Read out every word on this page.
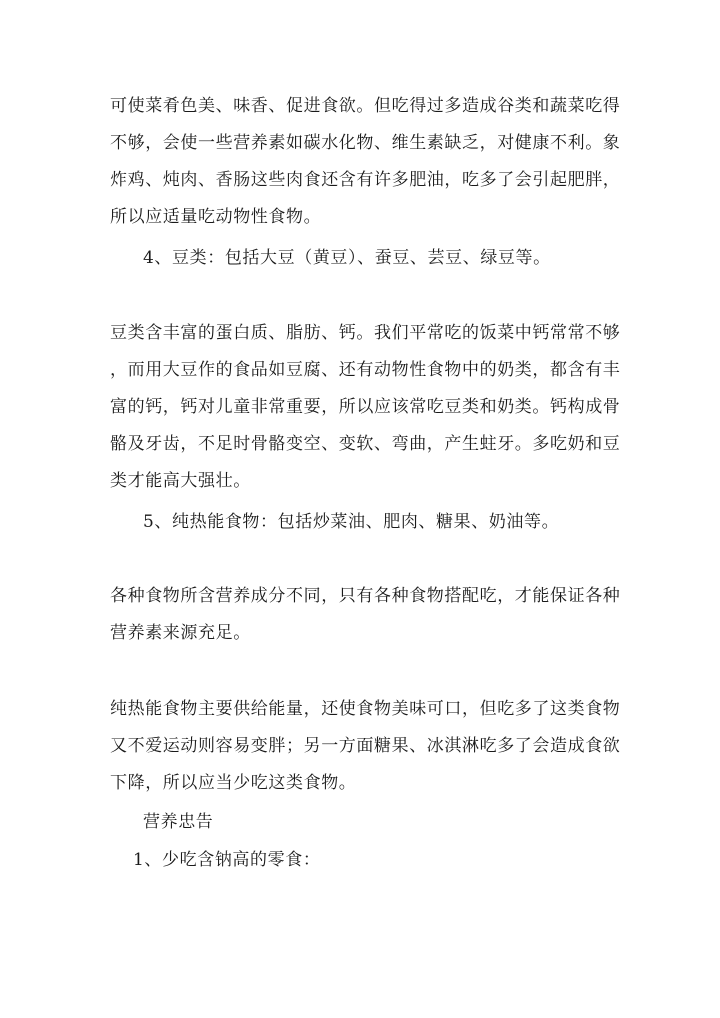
可使菜肴色美、味香、促进食欲。但吃得过多造成谷类和蔬菜吃得
不够，会使一些营养素如碳水化物、维生素缺乏，对健康不利。象
炸鸡、炖肉、香肠这些肉食还含有许多肥油，吃多了会引起肥胖，
所以应适量吃动物性食物。

4、豆类：包括大豆（黄豆）、蚕豆、芸豆、绿豆等。

豆类含丰富的蛋白质、脂肪、钙。我们平常吃的饭菜中钙常常不够
，而用大豆作的食品如豆腐、还有动物性食物中的奶类，都含有丰
富的钙，钙对儿童非常重要，所以应该常吃豆类和奶类。钙构成骨
骼及牙齿，不足时骨骼变空、变软、弯曲，产生蛀牙。多吃奶和豆
类才能高大强壮。

5、纯热能食物：包括炒菜油、肥肉、糖果、奶油等。

各种食物所含营养成分不同，只有各种食物搭配吃，才能保证各种
营养素来源充足。

纯热能食物主要供给能量，还使食物美味可口，但吃多了这类食物
又不爱运动则容易变胖；另一方面糖果、冰淇淋吃多了会造成食欲
下降，所以应当少吃这类食物。

营养忠告

1、少吃含钠高的零食：
